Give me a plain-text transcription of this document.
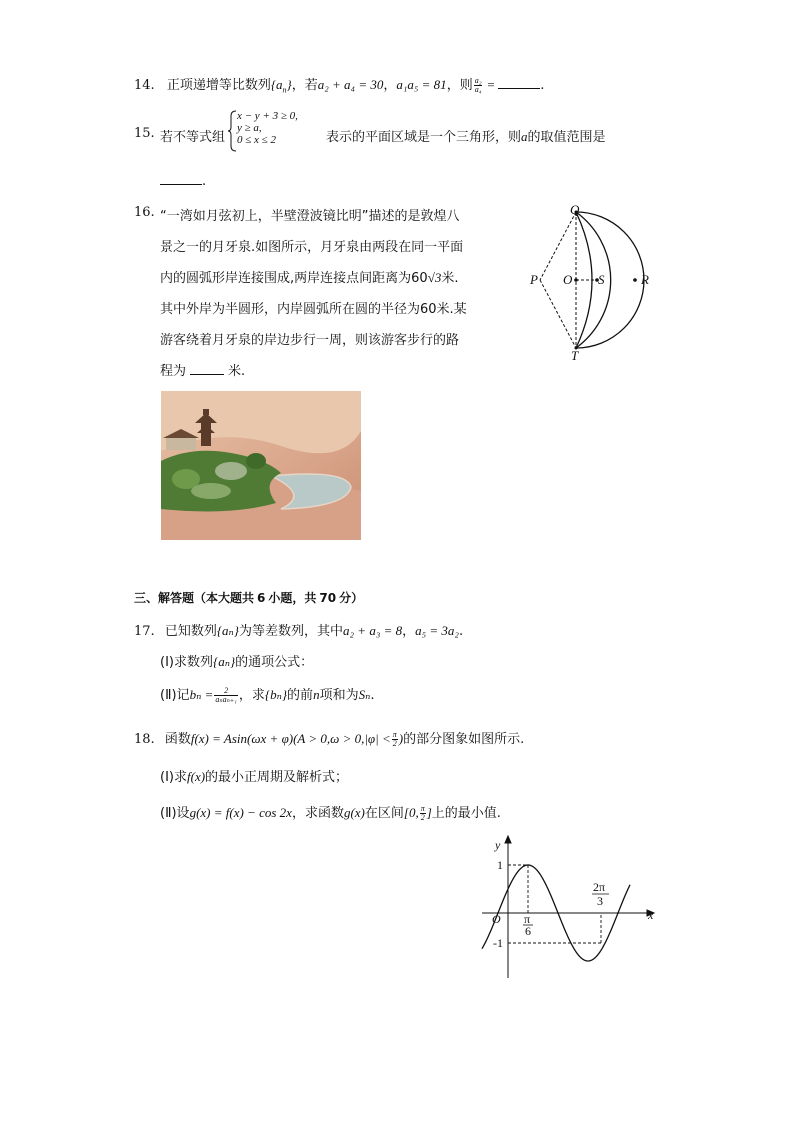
14. 正项递增等比数列$\{a_n\}$，若a₂ + a₄ = 30，a₁a₅ = 81，则 $\frac{\text{a₂}}{\text{a₄}}$ =	.
15. 若不等式组
x − y + 3 ≥ 0,
y ≥ a,
0 ≤ x ≤ 2	表示的平面区域是一个三角形，则a的取值范围是
.
16. “一湾如月弦初上，半壁澄波镜比明”描述的是敦煌八
景之一的月牙泉.如图所示，月牙泉由两段在同一平面
内的圆弧形岸连接围成,两岸连接点间距离为60√3米.
其中外岸为半圆形，内岸圆弧所在圆的半径为60米.某
游客绕着月牙泉的岸边步行一周，则该游客步行的路
程为	米.
Q
P O S	R
T
三、解答题（本大题共 6 小题，共 70 分）
17. 已知数列{aₙ}为等差数列，其中a₂ + a₃ = 8，a₅ = 3a₂.
(Ⅰ)求数列{aₙ}的通项公式：
(Ⅱ)记$b_n = \frac{2}{\text{aₙaₙ₊₁}}$ ，求{bₙ}的前n项和为Sₙ.
18. 函数$f(x) = Asin(\omega x + \varphi)(A > 0,\omega > 0,|\varphi| < \frac{\pi}{2}$ )的部分图象如图所示.
(Ⅰ)求f(x)的最小正周期及解析式；
(Ⅱ)设g(x) = f(x) − cos 2x，求函数g(x)在区间[0, $\frac{\pi}{2}$ ]上的最小值.
y
x
O
1
-1
π
6
2π
3
